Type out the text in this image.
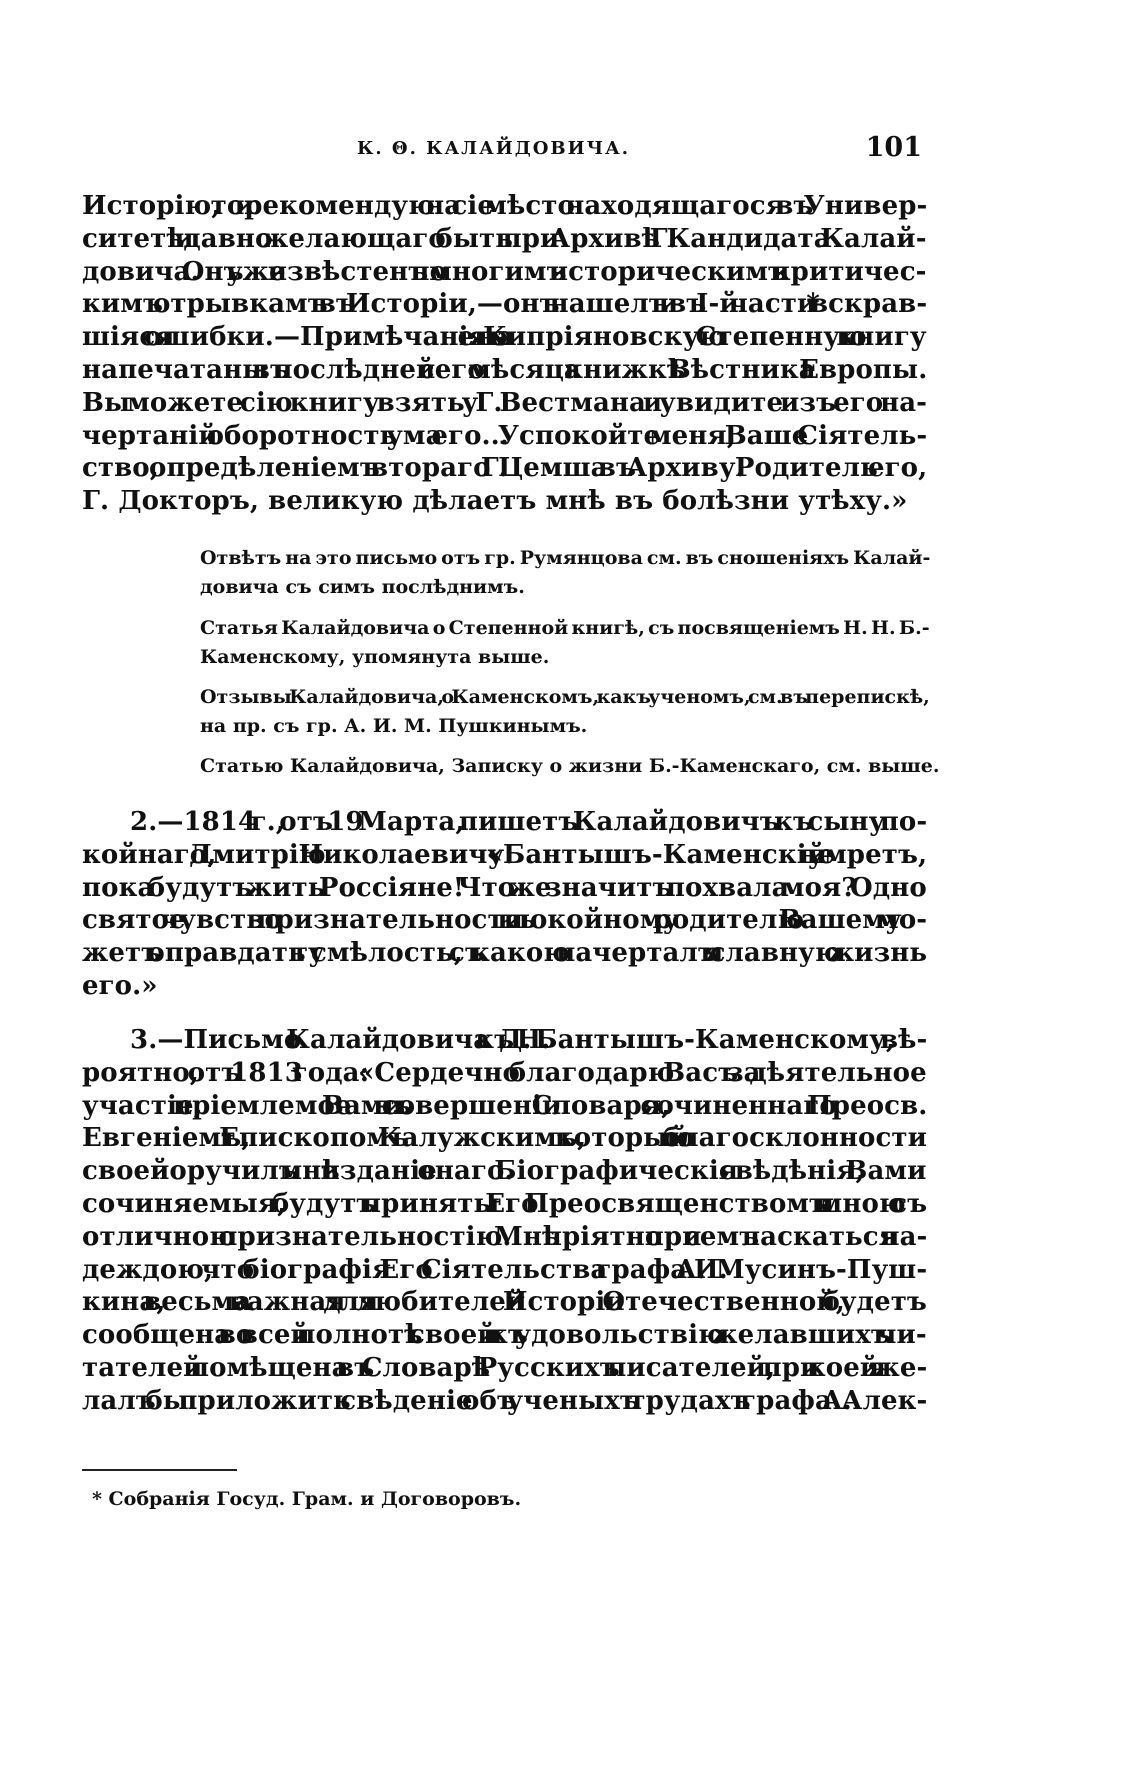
К. Θ. КАЛАЙДОВИЧА.	101
Исторію, то и рекомендую на сіе мѣсто находящагося въ Универ-
ситетѣ и давно желающаго быть при Архивѣ Г. Кандидата Калай-
довича. Онъ уже извѣстенъ по многимъ историческимъ и критичес-
кимъ отрывкамъ въ Исторіи,—онъ нашелъ и въ І-й части * вскрав-
шіяся ошибки.—Примѣчанія его на Кипріяновскую Степенную книгу
напечатаны въ послѣдней сего мѣсяца книжкѣ Вѣстника Европы.
Вы можете сію книгу взять у Г. Вестмана и увидите изъ его на-
чертаній оборотность ума его... Успокойте меня, Ваше Сіятель-
ство, опредѣленіемъ втораго Г. Цемша въ Архиву. Родитель его,
Г. Докторъ, великую дѣлаетъ мнѣ въ болѣзни утѣху.»
Отвѣтъ на это письмо отъ гр. Румянцова см. въ сношеніяхъ Калай-
довича съ симъ послѣднимъ.
Статья Калайдовича о Степенной книгѣ, съ посвященіемъ Н. Н. Б.-
Каменскому, упомянута выше.
Отзывы Калайдовича, о Каменскомъ, какъ ученомъ, см. въ перепискѣ,
на пр. съ гр. А. И. М. Пушкинымъ.
Статью Калайдовича, Записку о жизни Б.-Каменскаго, см. выше.
2.—1814 г., отъ 19 Марта, пишетъ Калайдовичъ къ сыну по-
койнаго, Дмитрію Николаевичу: «Бантышъ-Каменскій не умретъ,
пока будутъ жить Россіяне! Что же значитъ похвала моя? Одно
святое чувство признательности къ покойному родителю Вашему мо-
жетъ оправдать ту смѣлость, съ какою начерталъ я славную жизнь
его.»
3.—Письмо Калайдовича къ Д. Н. Бантышъ-Каменскому, вѣ-
роятно, отъ 1813 года: «Сердечно благодарю Васъ за дѣятельное
участіе, пріемлемое Вами въ совершеніи Словаря, сочиненнаго Преосв.
Евгеніемъ, Епископомъ Калужскимъ, который по благосклонности
своей поручилъ мнѣ изданіе онаго. Біографическія свѣдѣнія, Вами
сочиняемыя, будутъ приняты Его Преосвященствомъ и мною съ
отличною признательностію. Мнѣ пріятно при семъ ласкаться на-
деждою, что біографія Его Сіятельства графа А. И. Мусинъ-Пуш-
кина, весьма важная для любителей Исторіи Отечественной, будетъ
сообщена во всей полнотѣ своей и къ удовольствію желавшихъ чи-
тателей помѣщена въ Словарѣ Русскихъ писателей, при коей я же-
лалъ бы приложить свѣденіе объ ученыхъ трудахъ графа А. Алек-
* Собранія Госуд. Грам. и Договоровъ.
